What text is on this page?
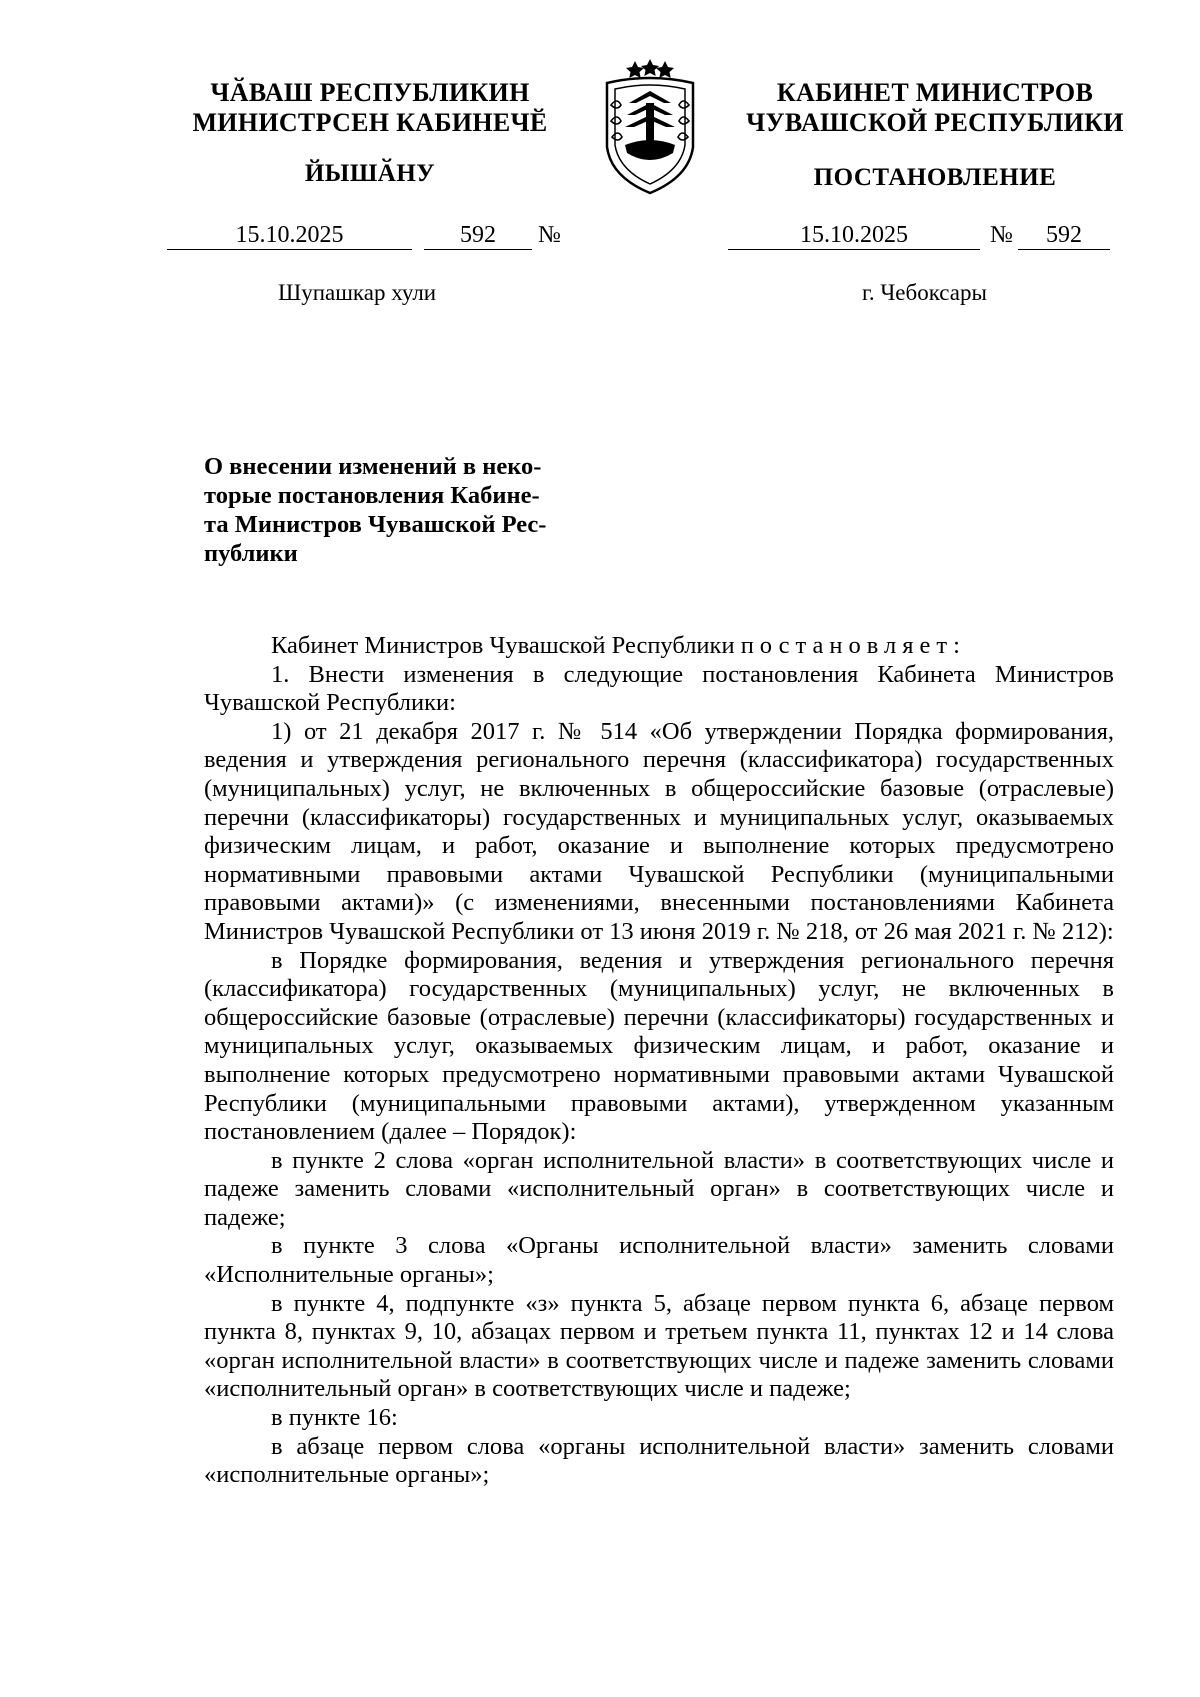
ЧӐВАШ РЕСПУБЛИКИН
МИНИСТРСЕН КАБИНЕЧӖ
КАБИНЕТ МИНИСТРОВ
ЧУВАШСКОЙ РЕСПУБЛИКИ
ЙЫШӐНУ	ПОСТАНОВЛЕНИЕ
15.10.2025	592	№	15.10.2025	№	592
Шупашкар хули	г. Чебоксары
О внесении изменений в неко-
торые постановления Кабине-
та Министров Чувашской Рес-
публики

Кабинет Министров Чувашской Республики постановляет:

1. Внести изменения в следующие постановления Кабинета Министров Чувашской Республики:

1) от 21 декабря 2017 г. № 514 «Об утверждении Порядка формирования, ведения и утверждения регионального перечня (классификатора) государственных (муниципальных) услуг, не включенных в общероссийские базовые (отраслевые) перечни (классификаторы) государственных и муниципальных услуг, оказываемых физическим лицам, и работ, оказание и выполнение которых предусмотрено нормативными правовыми актами Чувашской Республики (муниципальными правовыми актами)» (с изменениями, внесенными постановлениями Кабинета Министров Чувашской Республики от 13 июня 2019 г. № 218, от 26 мая 2021 г. № 212):

в Порядке формирования, ведения и утверждения регионального перечня (классификатора) государственных (муниципальных) услуг, не включенных в общероссийские базовые (отраслевые) перечни (классификаторы) государственных и муниципальных услуг, оказываемых физическим лицам, и работ, оказание и выполнение которых предусмотрено нормативными правовыми актами Чувашской Республики (муниципальными правовыми актами), утвержденном указанным постановлением (далее – Порядок):

в пункте 2 слова «орган исполнительной власти» в соответствующих числе и падеже заменить словами «исполнительный орган» в соответствующих числе и падеже;

в пункте 3 слова «Органы исполнительной власти» заменить словами «Исполнительные органы»;

в пункте 4, подпункте «з» пункта 5, абзаце первом пункта 6, абзаце первом пункта 8, пунктах 9, 10, абзацах первом и третьем пункта 11, пунктах 12 и 14 слова «орган исполнительной власти» в соответствующих числе и падеже заменить словами «исполнительный орган» в соответствующих числе и падеже;

в пункте 16:

в абзаце первом слова «органы исполнительной власти» заменить словами «исполнительные органы»;
